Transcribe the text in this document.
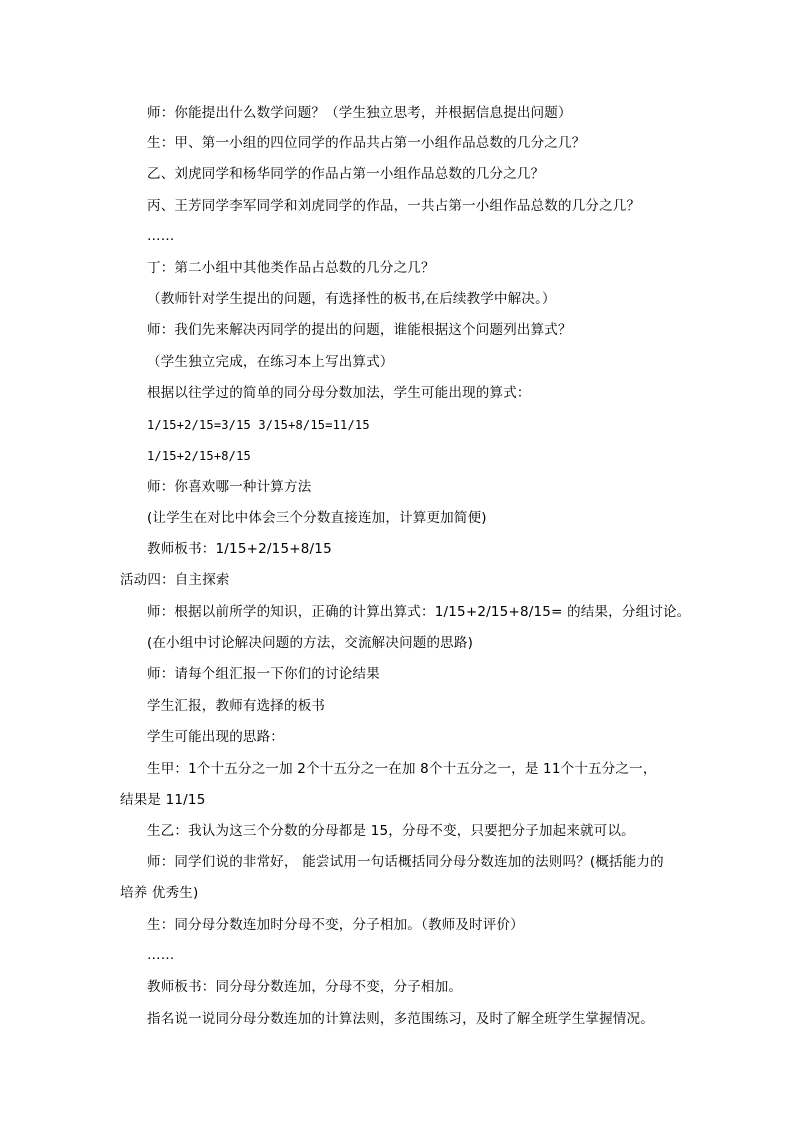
师：你能提出什么数学问题？（学生独立思考，并根据信息提出问题）
生：甲、第一小组的四位同学的作品共占第一小组作品总数的几分之几？
乙、刘虎同学和杨华同学的作品占第一小组作品总数的几分之几？
丙、王芳同学李军同学和刘虎同学的作品，一共占第一小组作品总数的几分之几？
……
丁：第二小组中其他类作品占总数的几分之几？
（教师针对学生提出的问题，有选择性的板书,在后续教学中解决。）
师：我们先来解决丙同学的提出的问题，谁能根据这个问题列出算式？
（学生独立完成，在练习本上写出算式）
根据以往学过的简单的同分母分数加法，学生可能出现的算式：
1/15+2/15=3/15 3/15+8/15=11/15
1/15+2/15+8/15
师：你喜欢哪一种计算方法
(让学生在对比中体会三个分数直接连加，计算更加简便)
教师板书：1/15+2/15+8/15
活动四：自主探索
师：根据以前所学的知识，正确的计算出算式：1/15+2/15+8/15= 的结果，分组讨论。
(在小组中讨论解决问题的方法，交流解决问题的思路)
师：请每个组汇报一下你们的讨论结果
学生汇报，教师有选择的板书
学生可能出现的思路：
生甲：1个十五分之一加 2个十五分之一在加 8个十五分之一，是 11个十五分之一，
结果是 11/15
生乙：我认为这三个分数的分母都是 15，分母不变，只要把分子加起来就可以。
师：同学们说的非常好， 能尝试用一句话概括同分母分数连加的法则吗？(概括能力的
培养 优秀生)
生：同分母分数连加时分母不变，分子相加。（教师及时评价）
……
教师板书：同分母分数连加，分母不变，分子相加。
指名说一说同分母分数连加的计算法则，多范围练习，及时了解全班学生掌握情况。
